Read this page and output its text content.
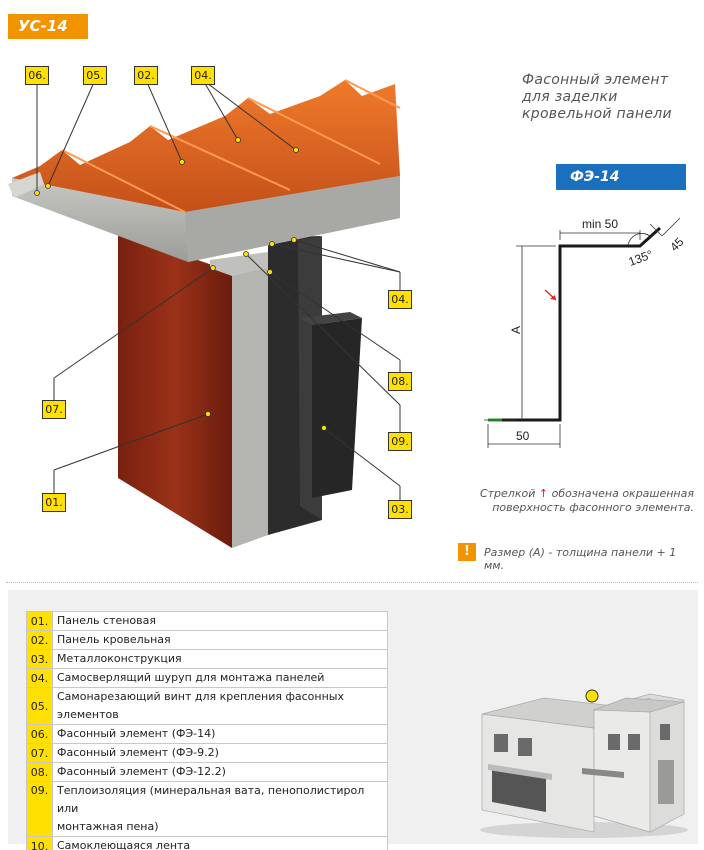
УС-14
06.	05.	02.	04.
04.
08.
07.
09.
01.
03.
Фасонный элемент
для заделки
кровельной панели
ФЭ-14
min 50
45
135°
A
50
Стрелкой ↑ обозначена окрашенная
поверхность фасонного элемента.
!	Размер (А) - толщина панели + 1 мм.
01.	Панель стеновая
02.	Панель кровельная
03.	Металлоконструкция
04.	Самосверлящий шуруп для монтажа панелей
05.	Самонарезающий винт для крепления фасонных элементов
06.	Фасонный элемент (ФЭ-14)
07.	Фасонный элемент (ФЭ-9.2)
08.	Фасонный элемент (ФЭ-12.2)
09.	Теплоизоляция (минеральная вата, пенополистирол или
	монтажная пена)
10.	Самоклеющаяся лента
